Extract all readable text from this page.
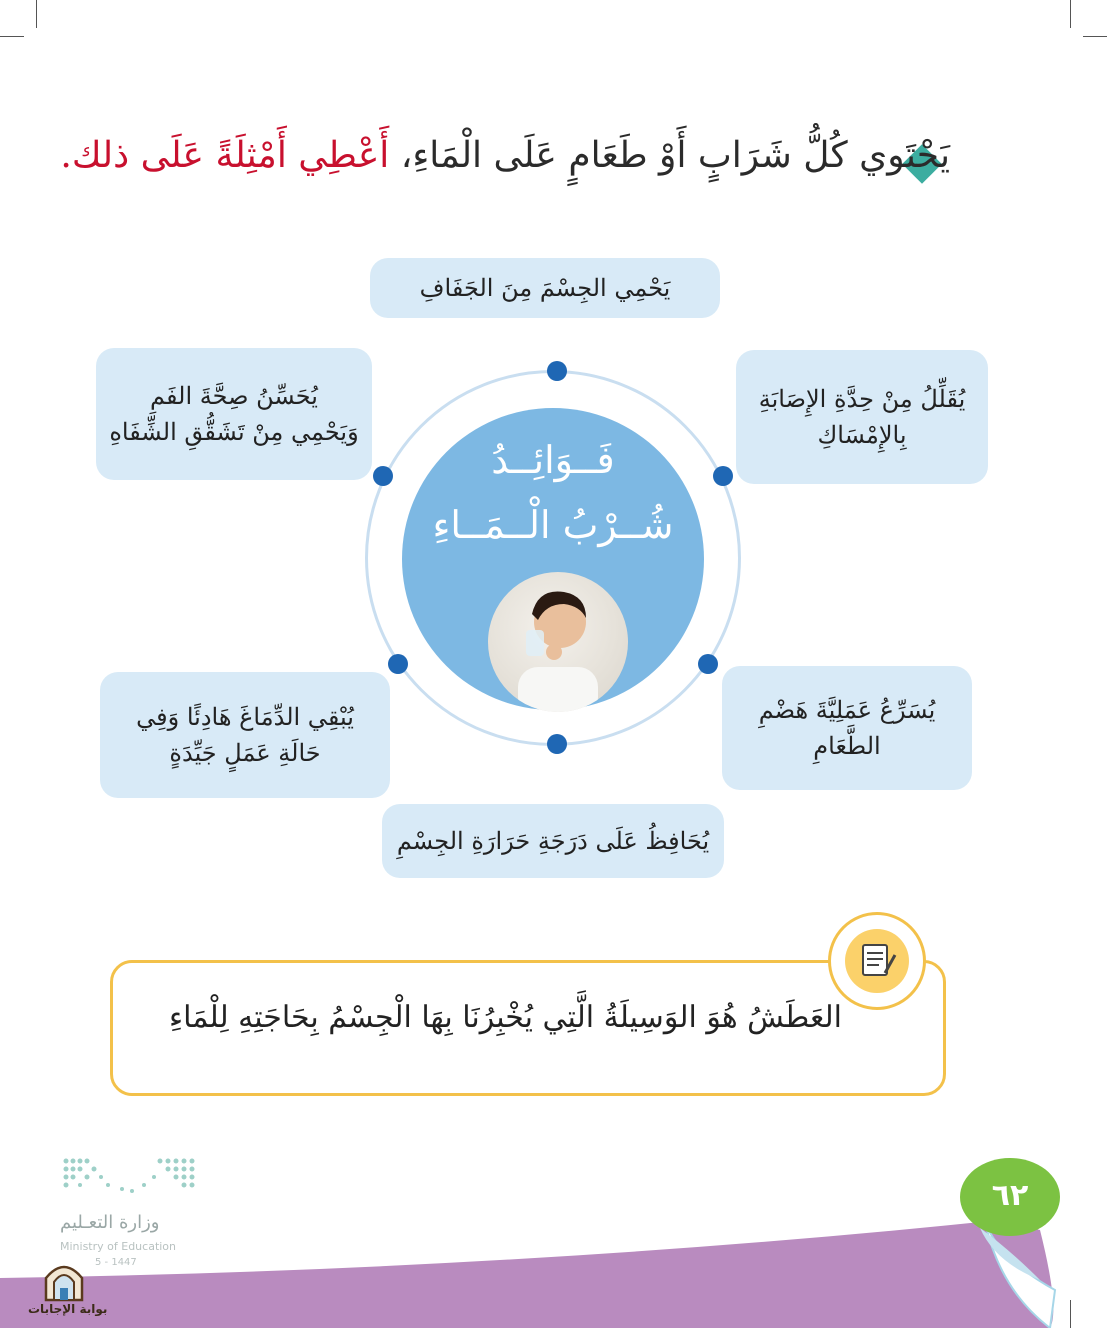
يَحْتَوي كُلُّ شَرَابٍ أَوْ طَعَامٍ عَلَى الْمَاءِ، أَعْطِي أَمْثِلَةً عَلَى ذلك.
فَــوَائِــدُ
شُــرْبُ الْــمَــاءِ
يَحْمِي الجِسْمَ مِنَ الجَفَافِ
يُحَسِّنُ صِحَّةَ الفَمِ
وَيَحْمِي مِنْ تَشَقُّقِ الشِّفَاهِ
يُقَلِّلُ مِنْ حِدَّةِ الإِصَابَةِ
بِالإِمْسَاكِ
يُبْقِي الدِّمَاغَ هَادِئًا وَفِي
حَالَةِ عَمَلٍ جَيِّدَةٍ
يُسَرِّعُ عَمَلِيَّةَ هَضْمِ
الطَّعَامِ
يُحَافِظُ عَلَى دَرَجَةِ حَرَارَةِ الجِسْمِ
العَطَشُ هُوَ الوَسِيلَةُ الَّتِي يُخْبِرُنَا بِهَا الْجِسْمُ بِحَاجَتِهِ لِلْمَاءِ
٦٢
وزارة التعـليم
Ministry of Education
5 - 1447
بوابة الإجابات
